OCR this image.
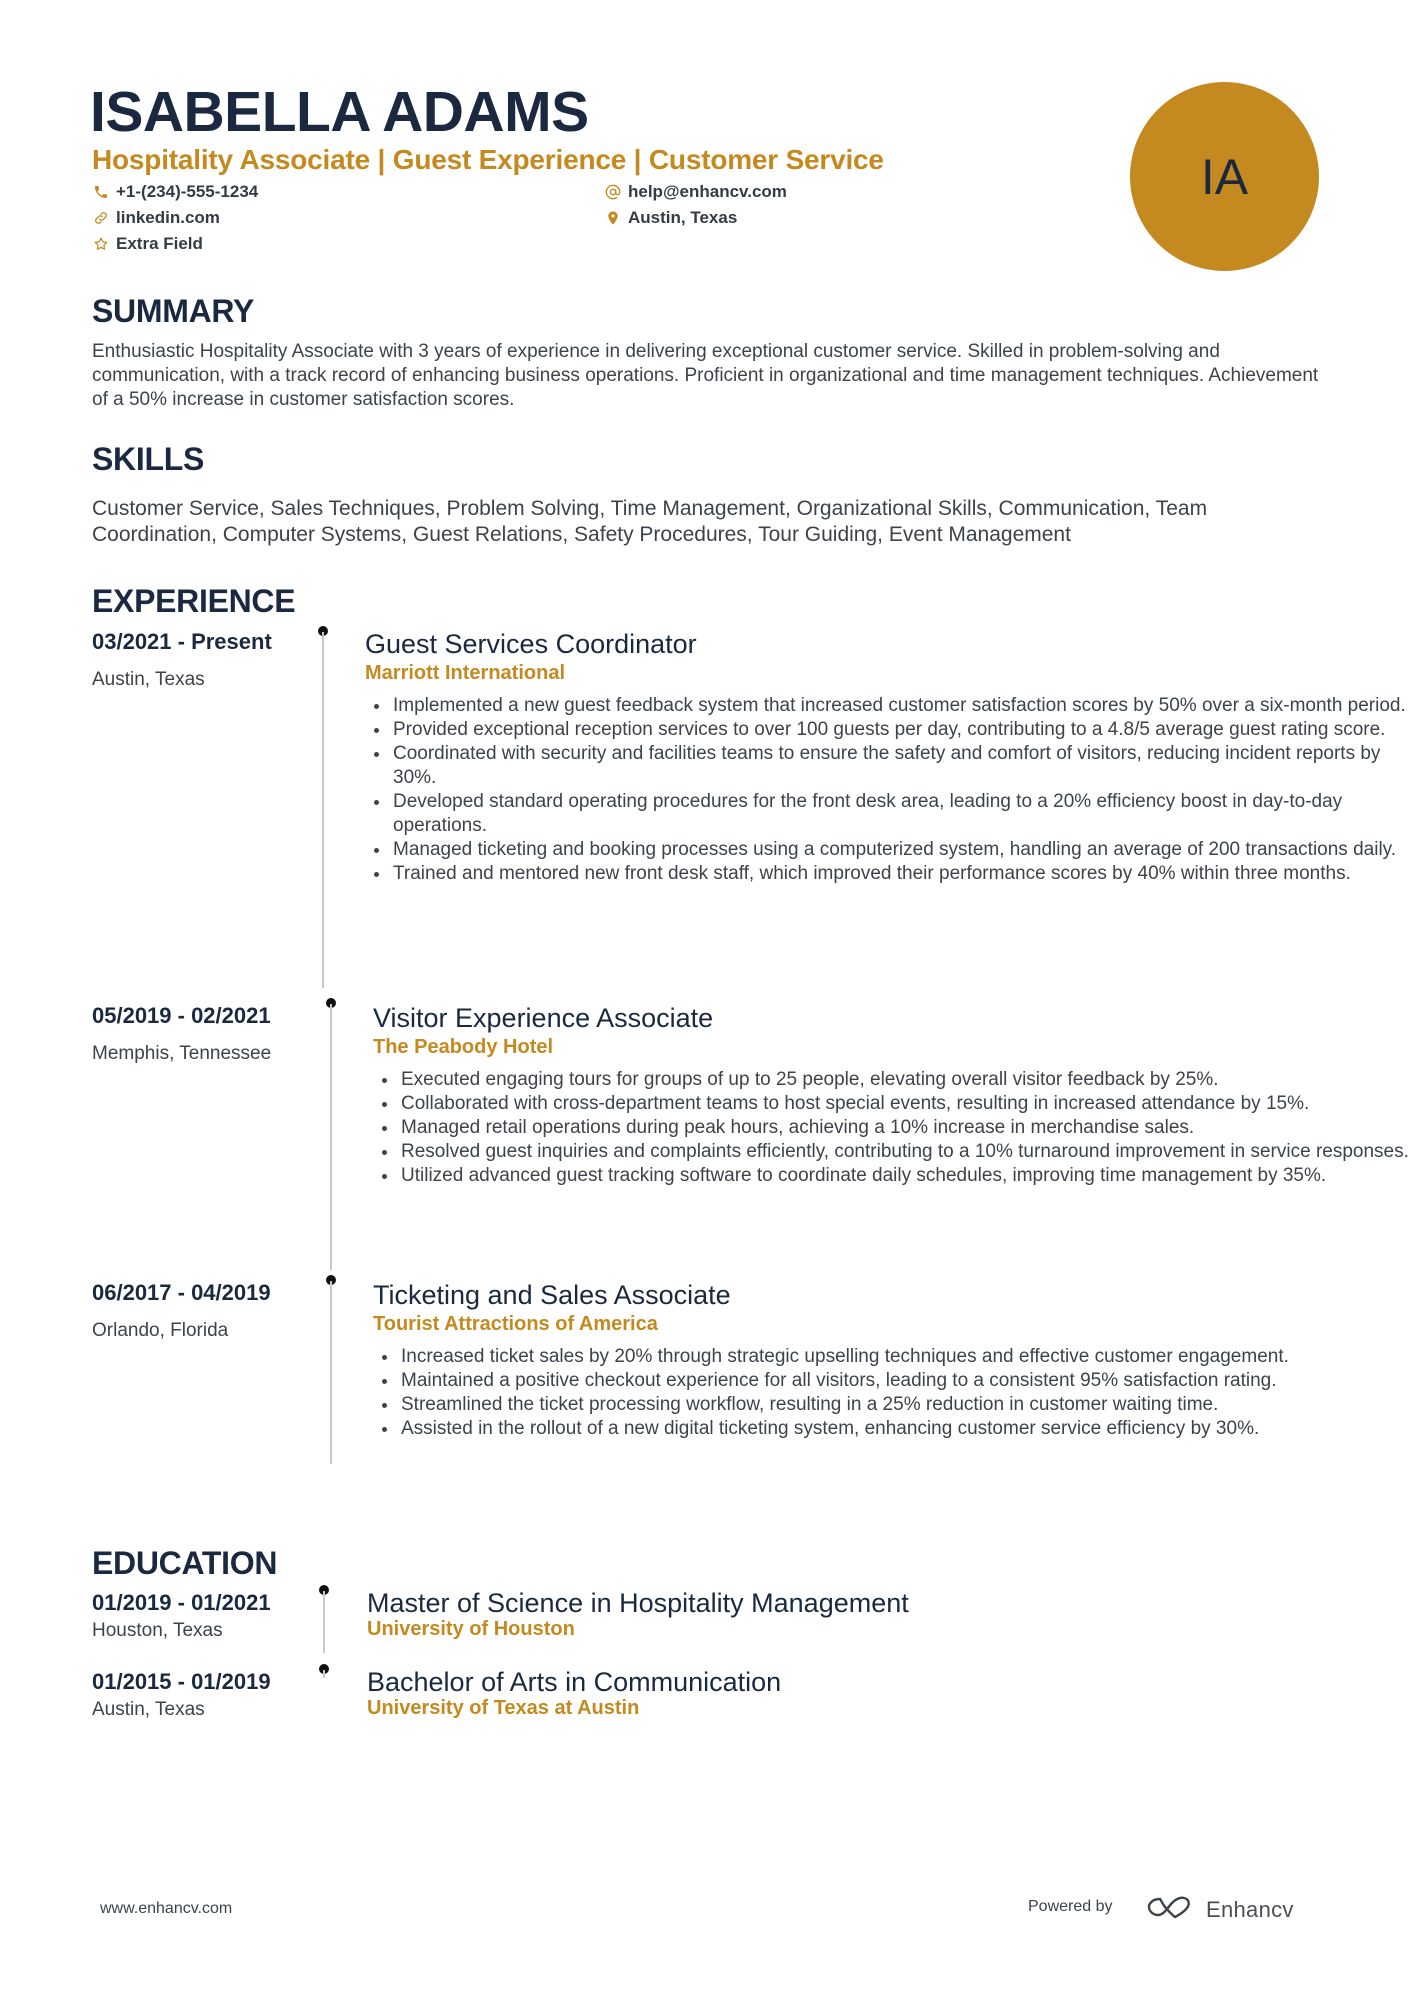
ISABELLA ADAMS
Hospitality Associate | Guest Experience | Customer Service
+1-(234)-555-1234	help@enhancv.com
linkedin.com	Austin, Texas
Extra Field
IA
SUMMARY
Enthusiastic Hospitality Associate with 3 years of experience in delivering exceptional customer service. Skilled in problem-solving and communication, with a track record of enhancing business operations. Proficient in organizational and time management techniques. Achievement of a 50% increase in customer satisfaction scores.
SKILLS
Customer Service, Sales Techniques, Problem Solving, Time Management, Organizational Skills, Communication, Team Coordination, Computer Systems, Guest Relations, Safety Procedures, Tour Guiding, Event Management
EXPERIENCE
03/2021 - Present
Austin, Texas
Guest Services Coordinator
Marriott International
Implemented a new guest feedback system that increased customer satisfaction scores by 50% over a six-month period.
Provided exceptional reception services to over 100 guests per day, contributing to a 4.8/5 average guest rating score.
Coordinated with security and facilities teams to ensure the safety and comfort of visitors, reducing incident reports by 30%.
Developed standard operating procedures for the front desk area, leading to a 20% efficiency boost in day-to-day operations.
Managed ticketing and booking processes using a computerized system, handling an average of 200 transactions daily.
Trained and mentored new front desk staff, which improved their performance scores by 40% within three months.
05/2019 - 02/2021
Memphis, Tennessee
Visitor Experience Associate
The Peabody Hotel
Executed engaging tours for groups of up to 25 people, elevating overall visitor feedback by 25%.
Collaborated with cross-department teams to host special events, resulting in increased attendance by 15%.
Managed retail operations during peak hours, achieving a 10% increase in merchandise sales.
Resolved guest inquiries and complaints efficiently, contributing to a 10% turnaround improvement in service responses.
Utilized advanced guest tracking software to coordinate daily schedules, improving time management by 35%.
06/2017 - 04/2019
Orlando, Florida
Ticketing and Sales Associate
Tourist Attractions of America
Increased ticket sales by 20% through strategic upselling techniques and effective customer engagement.
Maintained a positive checkout experience for all visitors, leading to a consistent 95% satisfaction rating.
Streamlined the ticket processing workflow, resulting in a 25% reduction in customer waiting time.
Assisted in the rollout of a new digital ticketing system, enhancing customer service efficiency by 30%.
EDUCATION
01/2019 - 01/2021
Houston, Texas
Master of Science in Hospitality Management
University of Houston
01/2015 - 01/2019
Austin, Texas
Bachelor of Arts in Communication
University of Texas at Austin
www.enhancv.com	Powered by	Enhancv
